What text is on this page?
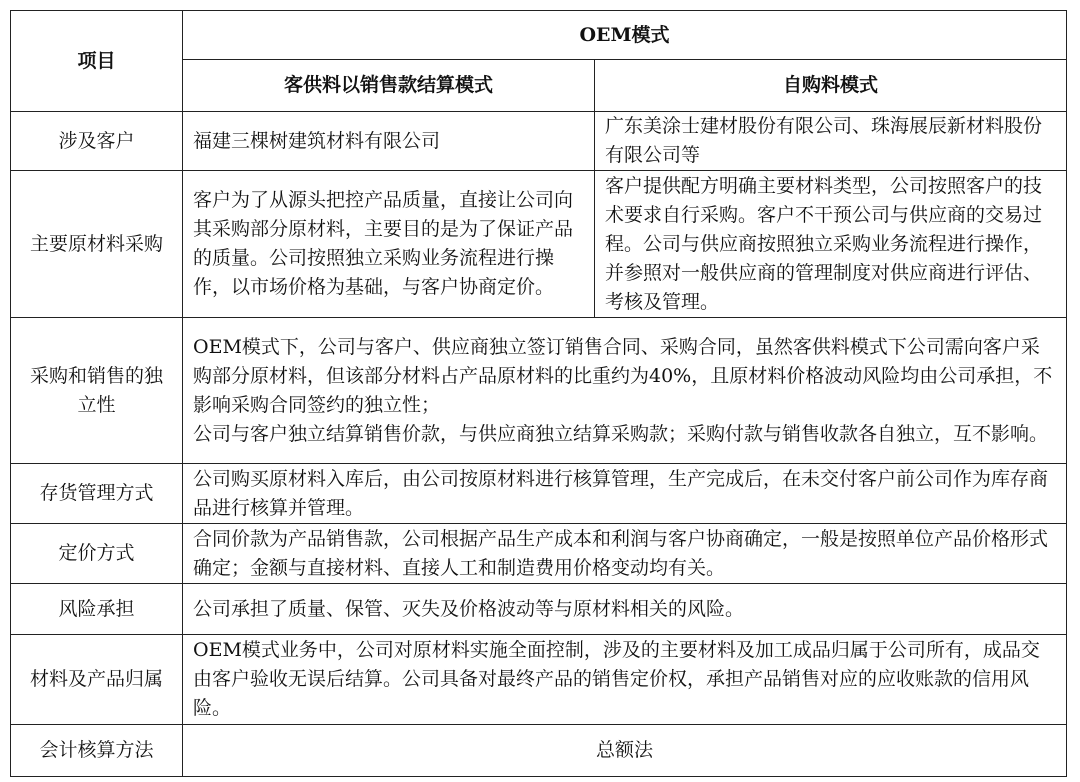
项目	OEM模式	
	客供料以销售款结算模式	自购料模式
涉及客户	福建三棵树建筑材料有限公司	广东美涂士建材股份有限公司、珠海展辰新材料股份有限公司等

主要原材料采购	客户为了从源头把控产品质量，直接让公司向其采购部分原材料，主要目的是为了保证产品的质量。公司按照独立采购业务流程进行操作，以市场价格为基础，与客户协商定价。	客户提供配方明确主要材料类型，公司按照客户的技术要求自行采购。客户不干预公司与供应商的交易过程。公司与供应商按照独立采购业务流程进行操作，并参照对一般供应商的管理制度对供应商进行评估、考核及管理。

采购和销售的独立性	OEM模式下，公司与客户、供应商独立签订销售合同、采购合同，虽然客供料模式下公司需向客户采购部分原材料，但该部分材料占产品原材料的比重约为40%，且原材料价格波动风险均由公司承担，不影响采购合同签约的独立性；
公司与客户独立结算销售价款，与供应商独立结算采购款；采购付款与销售收款各自独立，互不影响。	

存货管理方式	公司购买原材料入库后，由公司按原材料进行核算管理，生产完成后，在未交付客户前公司作为库存商品进行核算并管理。	

定价方式	合同价款为产品销售款，公司根据产品生产成本和利润与客户协商确定，一般是按照单位产品价格形式确定；金额与直接材料、直接人工和制造费用价格变动均有关。	

风险承担	公司承担了质量、保管、灭失及价格波动等与原材料相关的风险。	

材料及产品归属	OEM模式业务中，公司对原材料实施全面控制，涉及的主要材料及加工成品归属于公司所有，成品交由客户验收无误后结算。公司具备对最终产品的销售定价权，承担产品销售对应的应收账款的信用风险。	

会计核算方法	总额法	
